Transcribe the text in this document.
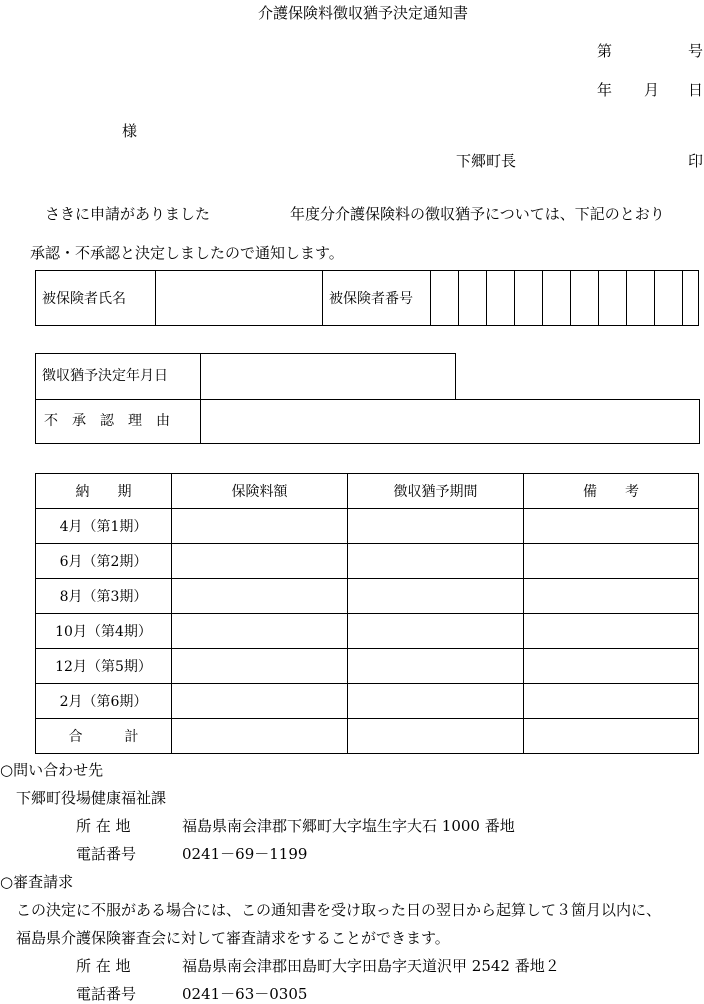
介護保険料徴収猶予決定通知書
第	号
年 月 日
様
下郷町長	印
さきに申請がありました	年度分介護保険料の徴収猶予については、下記のとおり
承認・不承認と決定しましたので通知します。
被保険者氏名		被保険者番号										
徴収猶予決定年月日
不　承　認　理　由
納　　期	保険料額	徴収猶予期間	備　　考
4月（第1期）			
6月（第2期）			
8月（第3期）			
10月（第4期）			
12月（第5期）			
2月（第6期）			
合　　　計			
○問い合わせ先
下郷町役場健康福祉課
所 在 地	福島県南会津郡下郷町大字塩生字大石 1000 番地
電話番号	0241－69－1199
○審査請求
この決定に不服がある場合には、この通知書を受け取った日の翌日から起算して３箇月以内に、
福島県介護保険審査会に対して審査請求をすることができます。
所 在 地	福島県南会津郡田島町大字田島字天道沢甲 2542 番地２
電話番号	0241－63－0305
